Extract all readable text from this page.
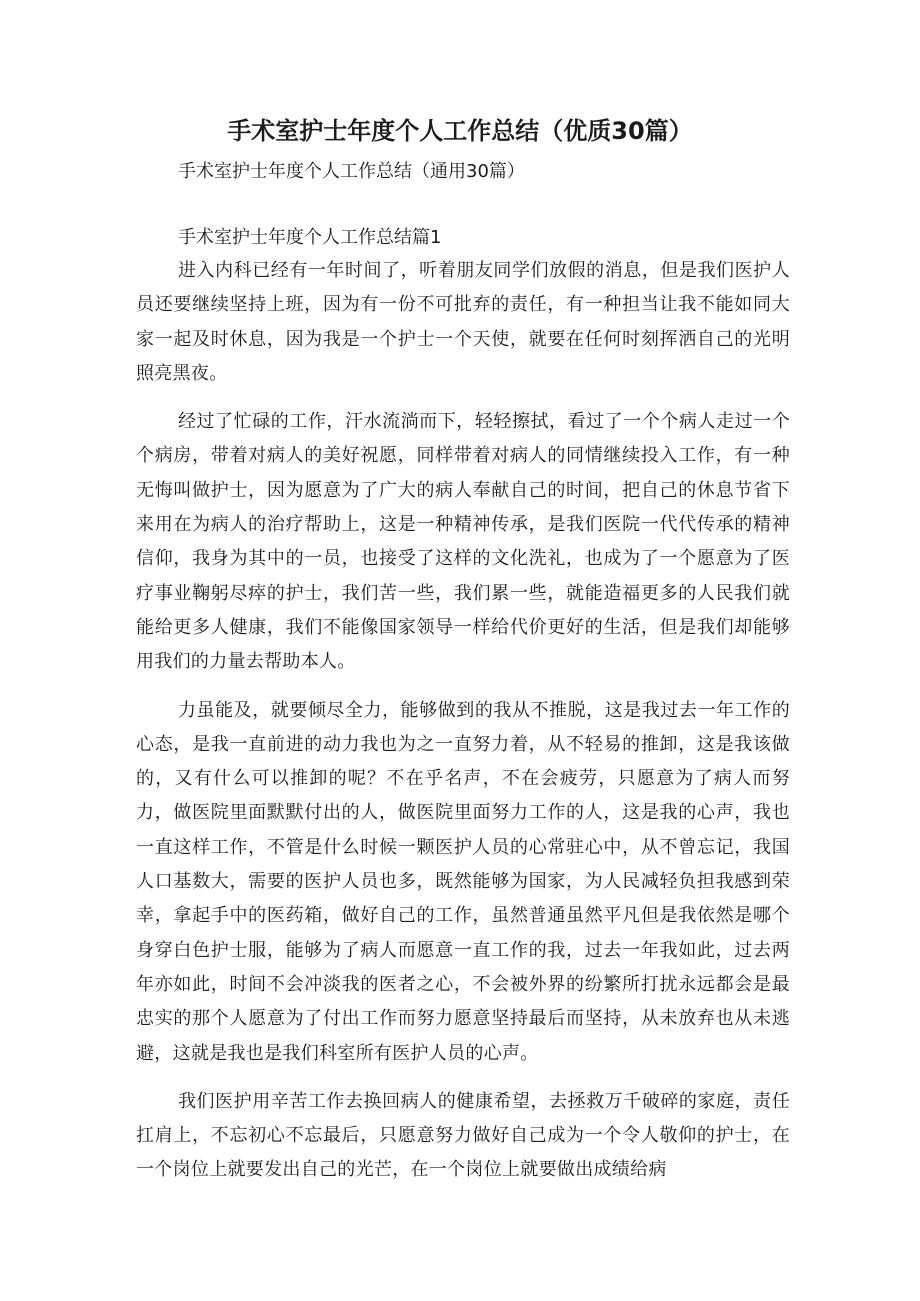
手术室护士年度个人工作总结（优质30篇）
手术室护士年度个人工作总结（通用30篇）
手术室护士年度个人工作总结篇1

进入内科已经有一年时间了，听着朋友同学们放假的消息，但是我们医护人员还要继续坚持上班，因为有一份不可批弃的责任，有一种担当让我不能如同大家一起及时休息，因为我是一个护士一个天使，就要在任何时刻挥洒自己的光明照亮黑夜。

经过了忙碌的工作，汗水流淌而下，轻轻擦拭，看过了一个个病人走过一个个病房，带着对病人的美好祝愿，同样带着对病人的同情继续投入工作，有一种无悔叫做护士，因为愿意为了广大的病人奉献自己的时间，把自己的休息节省下来用在为病人的治疗帮助上，这是一种精神传承，是我们医院一代代传承的精神信仰，我身为其中的一员，也接受了这样的文化洗礼，也成为了一个愿意为了医疗事业鞠躬尽瘁的护士，我们苦一些，我们累一些，就能造福更多的人民我们就能给更多人健康，我们不能像国家领导一样给代价更好的生活，但是我们却能够用我们的力量去帮助本人。

力虽能及，就要倾尽全力，能够做到的我从不推脱，这是我过去一年工作的心态，是我一直前进的动力我也为之一直努力着，从不轻易的推卸，这是我该做的，又有什么可以推卸的呢？不在乎名声，不在会疲劳，只愿意为了病人而努力，做医院里面默默付出的人，做医院里面努力工作的人，这是我的心声，我也一直这样工作，不管是什么时候一颗医护人员的心常驻心中，从不曾忘记，我国人口基数大，需要的医护人员也多，既然能够为国家，为人民减轻负担我感到荣幸，拿起手中的医药箱，做好自己的工作，虽然普通虽然平凡但是我依然是哪个身穿白色护士服，能够为了病人而愿意一直工作的我，过去一年我如此，过去两年亦如此，时间不会冲淡我的医者之心，不会被外界的纷繁所打扰永远都会是最忠实的那个人愿意为了付出工作而努力愿意坚持最后而坚持，从未放弃也从未逃避，这就是我也是我们科室所有医护人员的心声。

我们医护用辛苦工作去换回病人的健康希望，去拯救万千破碎的家庭，责任扛肩上，不忘初心不忘最后，只愿意努力做好自己成为一个令人敬仰的护士，在一个岗位上就要发出自己的光芒，在一个岗位上就要做出成绩给病
